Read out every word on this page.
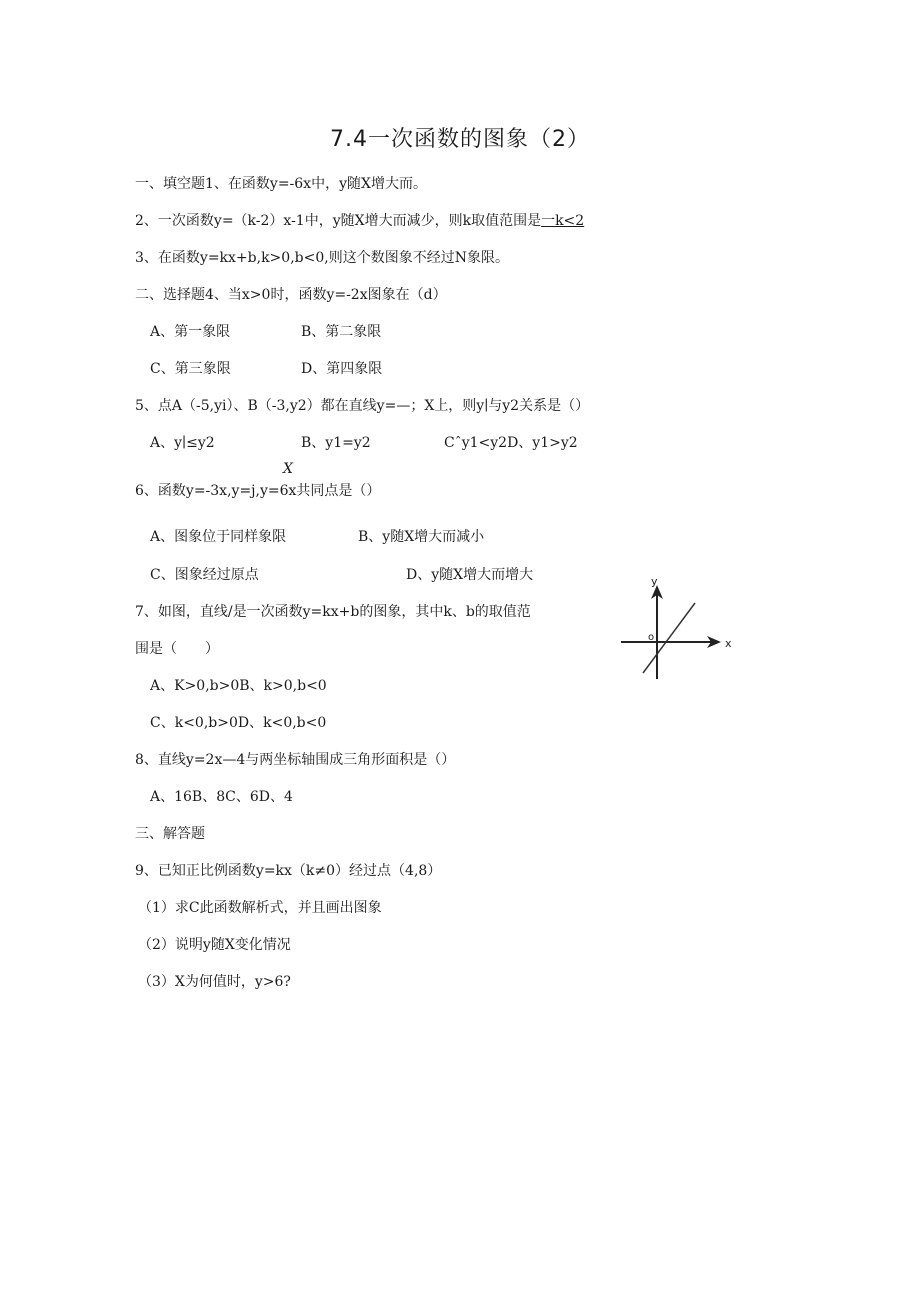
7.4一次函数的图象（2）
一、填空题1、在函数y=-6x中，y随X增大而。
2、一次函数y=（k-2）x-1中，y随X增大而减少，则k取值范围是一k<2
3、在函数y=kx+b,k>0,b<0,则这个数图象不经过N象限。
二、选择题4、当x>0时，函数y=-2x图象在（d）
A、第一象限	B、第二象限
C、第三象限	D、第四象限
5、点A（-5,yi）、B（-3,y2）都在直线y=—；X上，则y∣与y2关系是（）
A、y∣≤y2	B、y1=y2	Cˆy1<y2D、y1>y2
X
6、函数y=-3x,y=j,y=6x共同点是（）
A、图象位于同样象限	B、y随X增大而减小
C、图象经过原点	D、y随X增大而增大
7、如图，直线/是一次函数y=kx+b的图象，其中k、b的取值范
围是（　　）
A、K>0,b>0B、k>0,b<0
C、k<0,b>0D、k<0,b<0
y
x
o
8、直线y=2x—4与两坐标轴围成三角形面积是（）
A、16B、8C、6D、4
三、解答题
9、已知正比例函数y=kx（k≠0）经过点（4,8）
（1）求C此函数解析式，并且画出图象
（2）说明y随X变化情况
（3）X为何值时，y>6?
